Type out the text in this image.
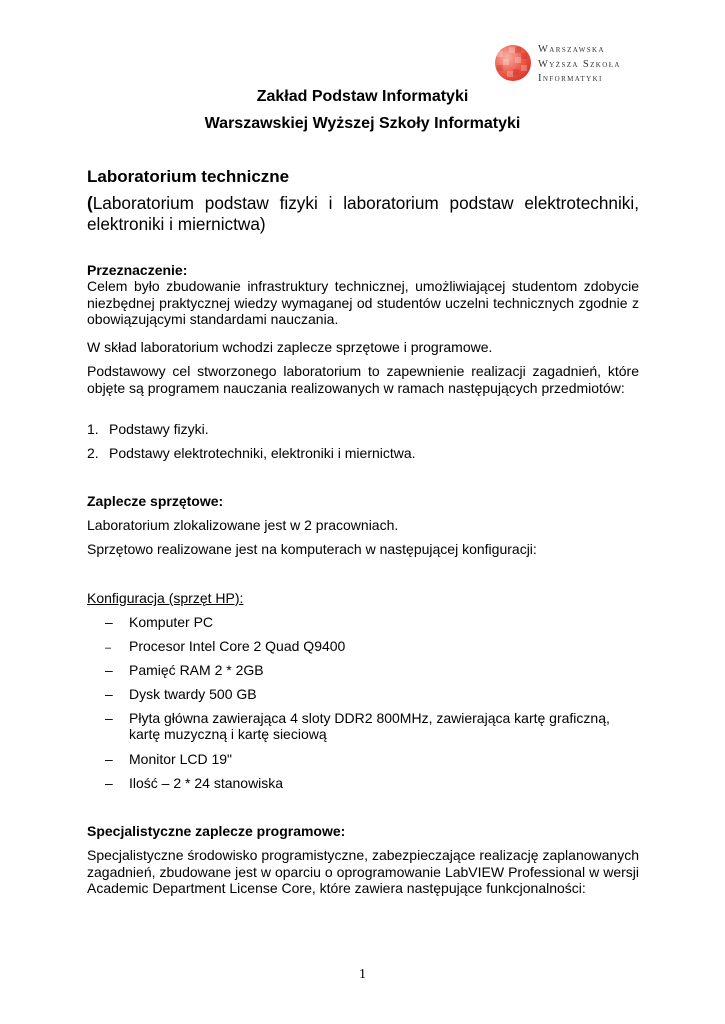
Warszawska
Wyższa Szkoła
Informatyki
Zakład Podstaw Informatyki
Warszawskiej Wyższej Szkoły Informatyki
Laboratorium techniczne
(Laboratorium podstaw fizyki i laboratorium podstaw elektrotechniki, elektroniki i miernictwa)
Przeznaczenie:
Celem było zbudowanie infrastruktury technicznej, umożliwiającej studentom zdobycie niezbędnej praktycznej wiedzy wymaganej od studentów uczelni technicznych zgodnie z obowiązującymi standardami nauczania.
W skład laboratorium wchodzi zaplecze sprzętowe i programowe.
Podstawowy cel stworzonego laboratorium to zapewnienie realizacji zagadnień, które objęte są programem nauczania realizowanych w ramach następujących przedmiotów:
1. Podstawy fizyki.
2. Podstawy elektrotechniki, elektroniki i miernictwa.
Zaplecze sprzętowe:
Laboratorium zlokalizowane jest w 2 pracowniach.
Sprzętowo realizowane jest na komputerach w następującej konfiguracji:
Konfiguracja (sprzęt HP):
– Komputer PC
– Procesor Intel Core 2 Quad Q9400
– Pamięć RAM 2 * 2GB
– Dysk twardy 500 GB
– Płyta główna zawierająca 4 sloty DDR2 800MHz, zawierająca kartę graficzną, kartę muzyczną i kartę sieciową
– Monitor LCD 19"
– Ilość – 2 * 24 stanowiska
Specjalistyczne zaplecze programowe:
Specjalistyczne środowisko programistyczne, zabezpieczające realizację zaplanowanych zagadnień, zbudowane jest w oparciu o oprogramowanie LabVIEW Professional w wersji Academic Department License Core, które zawiera następujące funkcjonalności:
1
